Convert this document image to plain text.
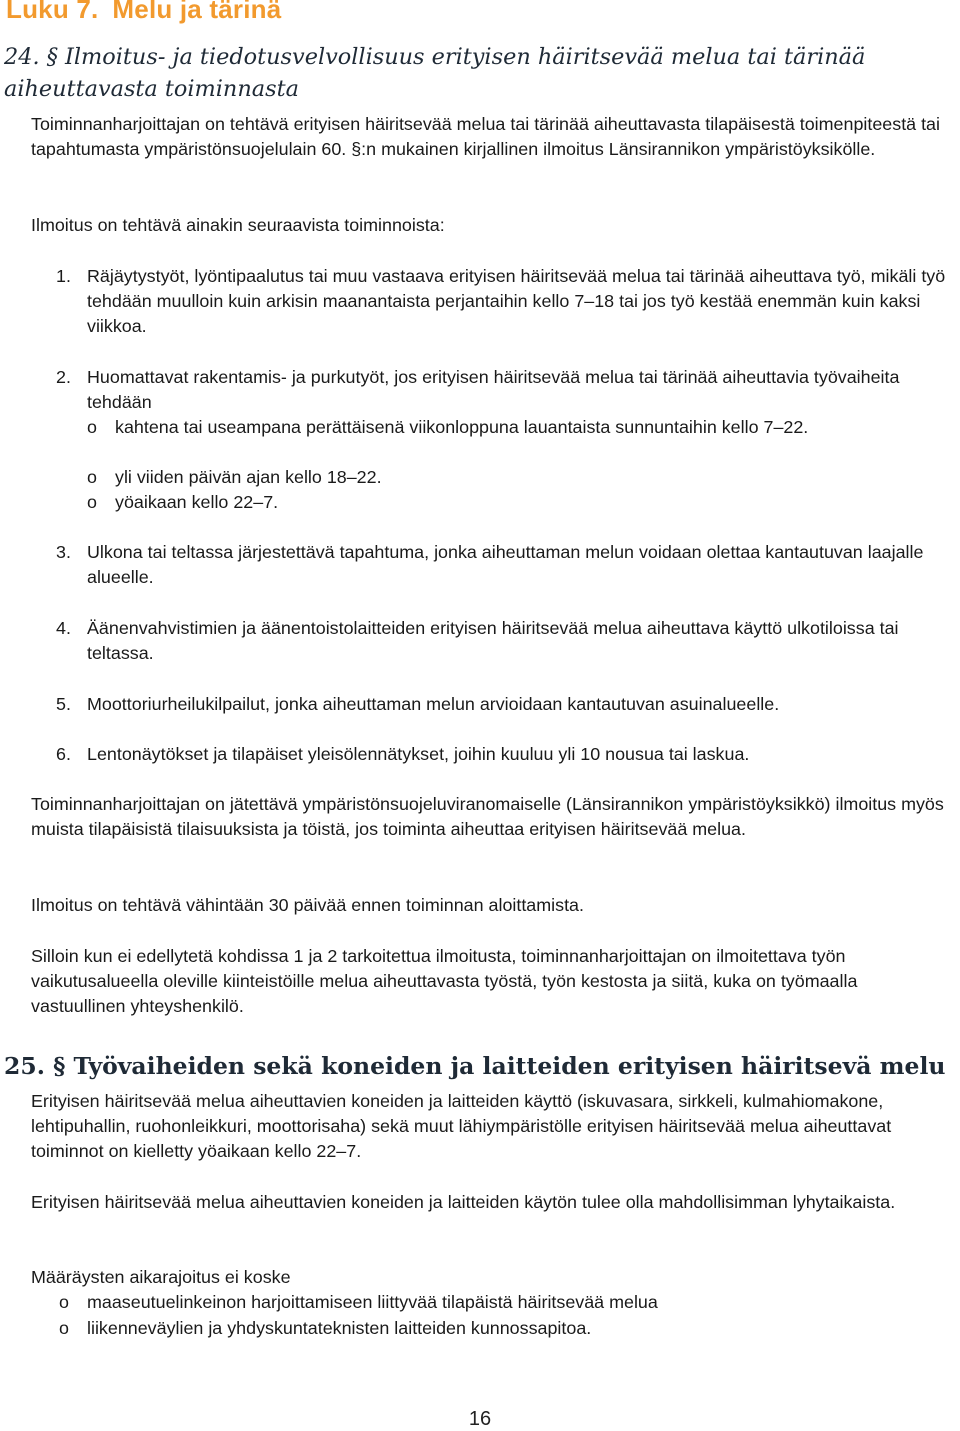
Luku 7. Melu ja tärinä
24. § Ilmoitus- ja tiedotusvelvollisuus erityisen häiritsevää melua tai tärinää aiheuttavasta toiminnasta
Toiminnanharjoittajan on tehtävä erityisen häiritsevää melua tai tärinää aiheuttavasta tilapäisestä toimenpiteestä tai tapahtumasta ympäristönsuojelulain 60. §:n mukainen kirjallinen ilmoitus Länsirannikon ympäristöyksikölle.
Ilmoitus on tehtävä ainakin seuraavista toiminnoista:
1. Räjäytystyöt, lyöntipaalutus tai muu vastaava erityisen häiritsevää melua tai tärinää aiheuttava työ, mikäli työ tehdään muulloin kuin arkisin maanantaista perjantaihin kello 7–18 tai jos työ kestää enemmän kuin kaksi viikkoa.
2. Huomattavat rakentamis- ja purkutyöt, jos erityisen häiritsevää melua tai tärinää aiheuttavia työvaiheita tehdään
o kahtena tai useampana perättäisenä viikonloppuna lauantaista sunnuntaihin kello 7–22.
o yli viiden päivän ajan kello 18–22.
o yöaikaan kello 22–7.
3. Ulkona tai teltassa järjestettävä tapahtuma, jonka aiheuttaman melun voidaan olettaa kantautuvan laajalle alueelle.
4. Äänenvahvistimien ja äänentoistolaitteiden erityisen häiritsevää melua aiheuttava käyttö ulkotiloissa tai teltassa.
5. Moottoriurheilukilpailut, jonka aiheuttaman melun arvioidaan kantautuvan asuinalueelle.
6. Lentonäytökset ja tilapäiset yleisölennätykset, joihin kuuluu yli 10 nousua tai laskua.
Toiminnanharjoittajan on jätettävä ympäristönsuojeluviranomaiselle (Länsirannikon ympäristöyksikkö) ilmoitus myös muista tilapäisistä tilaisuuksista ja töistä, jos toiminta aiheuttaa erityisen häiritsevää melua.
Ilmoitus on tehtävä vähintään 30 päivää ennen toiminnan aloittamista.
Silloin kun ei edellytetä kohdissa 1 ja 2 tarkoitettua ilmoitusta, toiminnanharjoittajan on ilmoitettava työn vaikutusalueella oleville kiinteistöille melua aiheuttavasta työstä, työn kestosta ja siitä, kuka on työmaalla vastuullinen yhteyshenkilö.
25. § Työvaiheiden sekä koneiden ja laitteiden erityisen häiritsevä melu
Erityisen häiritsevää melua aiheuttavien koneiden ja laitteiden käyttö (iskuvasara, sirkkeli, kulmahiomakone, lehtipuhallin, ruohonleikkuri, moottorisaha) sekä muut lähiympäristölle erityisen häiritsevää melua aiheuttavat toiminnot on kielletty yöaikaan kello 22–7.
Erityisen häiritsevää melua aiheuttavien koneiden ja laitteiden käytön tulee olla mahdollisimman lyhytaikaista.
Määräysten aikarajoitus ei koske
o maaseutuelinkeinon harjoittamiseen liittyvää tilapäistä häiritsevää melua
o liikenneväylien ja yhdyskuntateknisten laitteiden kunnossapitoa.
16
